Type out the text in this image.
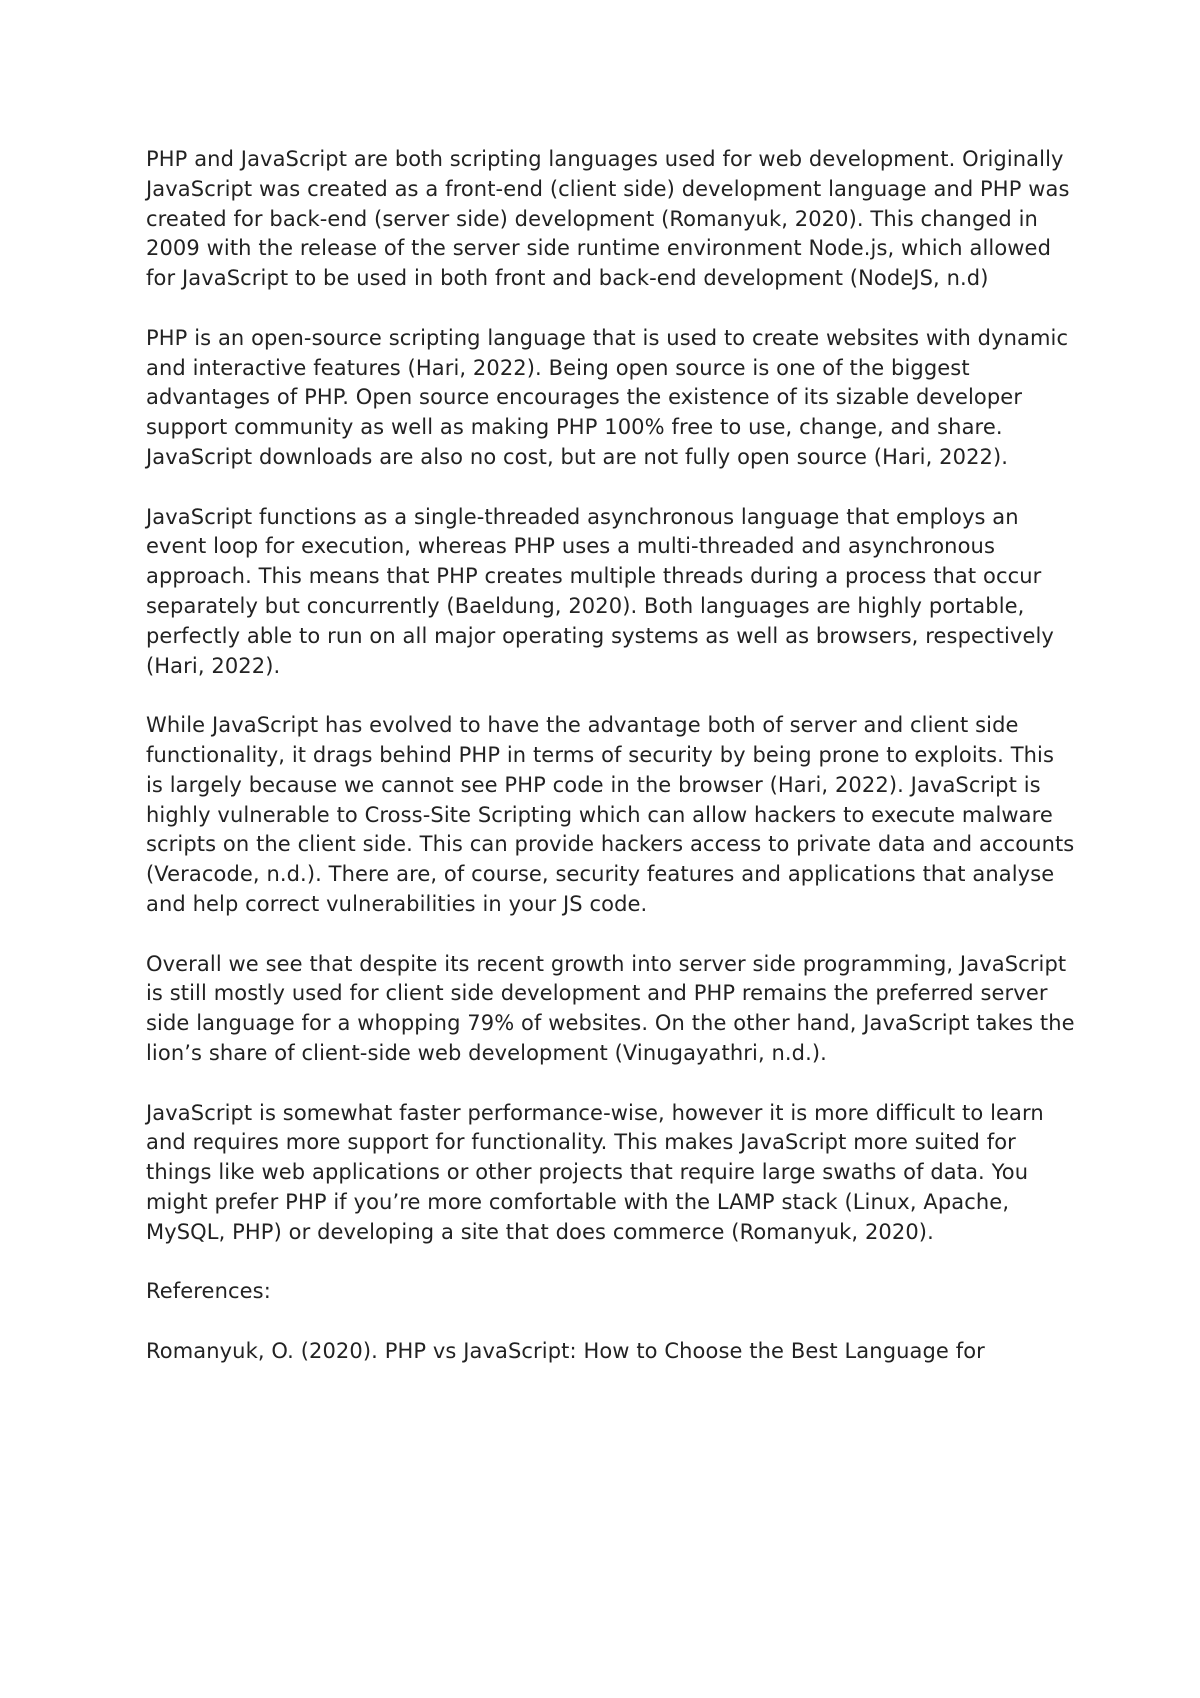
PHP and JavaScript are both scripting languages used for web development. Originally JavaScript was created as a front-end (client side) development language and PHP was created for back-end (server side) development (Romanyuk, 2020). This changed in 2009 with the release of the server side runtime environment Node.js, which allowed for JavaScript to be used in both front and back-end development (NodeJS, n.d)

PHP is an open-source scripting language that is used to create websites with dynamic and interactive features (Hari, 2022). Being open source is one of the biggest advantages of PHP. Open source encourages the existence of its sizable developer support community as well as making PHP 100% free to use, change, and share. JavaScript downloads are also no cost, but are not fully open source (Hari, 2022).

JavaScript functions as a single-threaded asynchronous language that employs an event loop for execution, whereas PHP uses a multi-threaded and asynchronous approach. This means that PHP creates multiple threads during a process that occur separately but concurrently (Baeldung, 2020). Both languages are highly portable, perfectly able to run on all major operating systems as well as browsers, respectively (Hari, 2022).

While JavaScript has evolved to have the advantage both of server and client side functionality, it drags behind PHP in terms of security by being prone to exploits. This is largely because we cannot see PHP code in the browser (Hari, 2022). JavaScript is highly vulnerable to Cross-Site Scripting which can allow hackers to execute malware scripts on the client side. This can provide hackers access to private data and accounts (Veracode, n.d.). There are, of course, security features and applications that analyse and help correct vulnerabilities in your JS code.

Overall we see that despite its recent growth into server side programming, JavaScript is still mostly used for client side development and PHP remains the preferred server side language for a whopping 79% of websites. On the other hand, JavaScript takes the lion’s share of client-side web development (Vinugayathri, n.d.).

JavaScript is somewhat faster performance-wise, however it is more difficult to learn and requires more support for functionality. This makes JavaScript more suited for things like web applications or other projects that require large swaths of data. You might prefer PHP if you’re more comfortable with the LAMP stack (Linux, Apache, MySQL, PHP) or developing a site that does commerce (Romanyuk, 2020).

References:

Romanyuk, O. (2020). PHP vs JavaScript: How to Choose the Best Language for
